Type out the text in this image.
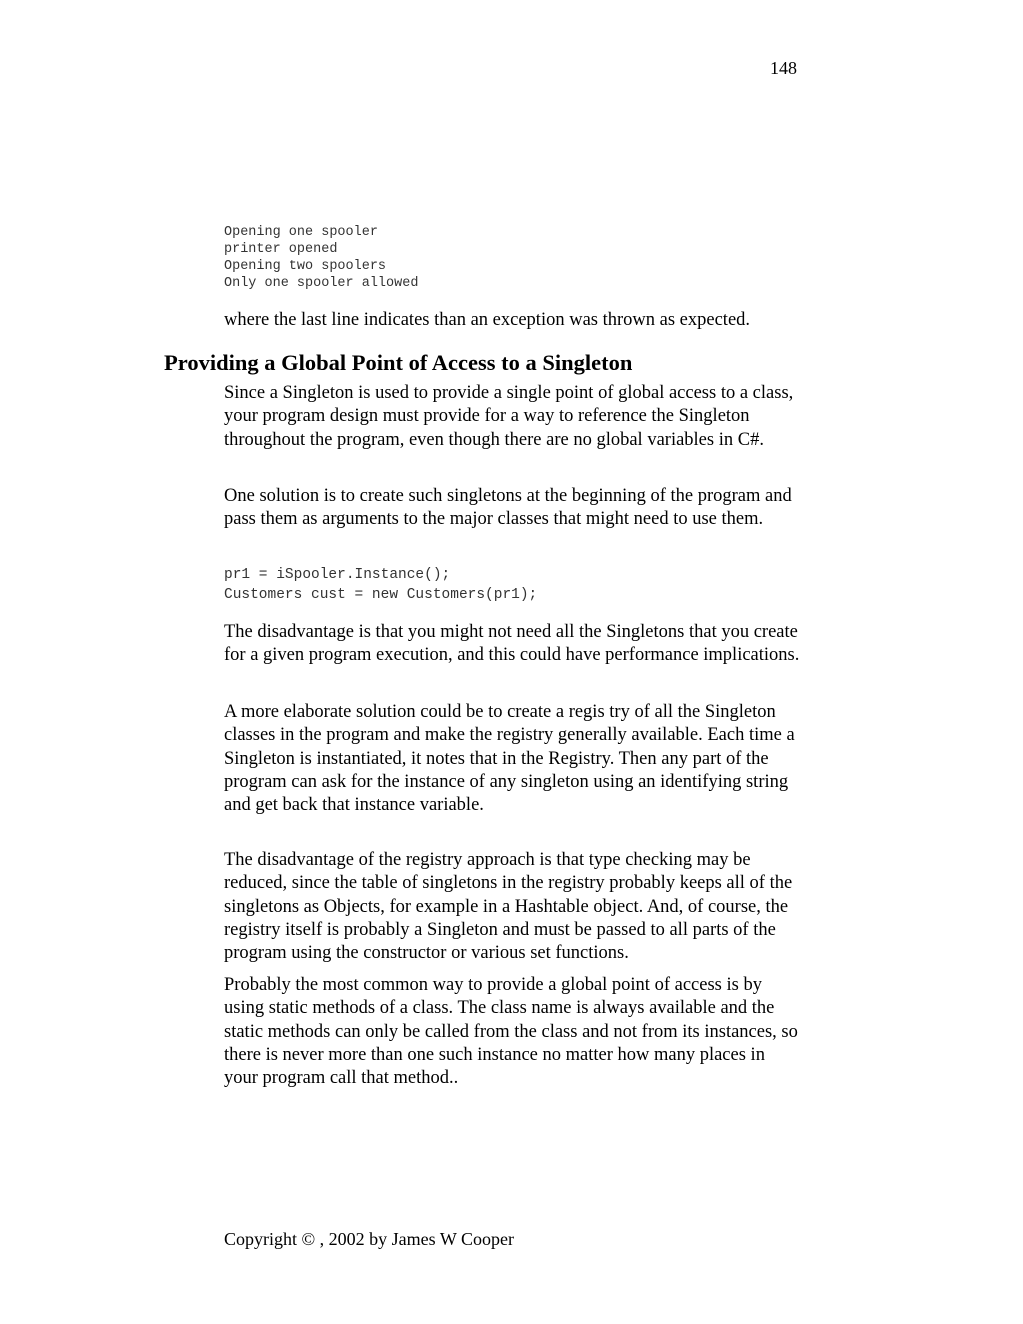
148
Opening one spooler
printer opened
Opening two spoolers
Only one spooler allowed

where the last line indicates than an exception was thrown as expected.

Providing a Global Point of Access to a Singleton

Since a Singleton is used to provide a single point of global access to a class, your program design must provide for a way to reference the Singleton throughout the program, even though there are no global variables in C#.

One solution is to create such singletons at the beginning of the program and pass them as arguments to the major classes that might need to use them.

pr1 = iSpooler.Instance();
Customers cust = new Customers(pr1);

The disadvantage is that you might not need all the Singletons that you create for a given program execution, and this could have performance implications.

A more elaborate solution could be to create a regis try of all the Singleton classes in the program and make the registry generally available. Each time a Singleton is instantiated, it notes that in the Registry. Then any part of the program can ask for the instance of any singleton using an identifying string and get back that instance variable.

The disadvantage of the registry approach is that type checking may be reduced, since the table of singletons in the registry probably keeps all of the singletons as Objects, for example in a Hashtable object. And, of course, the registry itself is probably a Singleton and must be passed to all parts of the program using the constructor or various set functions.

Probably the most common way to provide a global point of access is by using static methods of a class. The class name is always available and the static methods can only be called from the class and not from its instances, so there is never more than one such instance no matter how many places in your program call that method..

Copyright © , 2002 by James W Cooper
